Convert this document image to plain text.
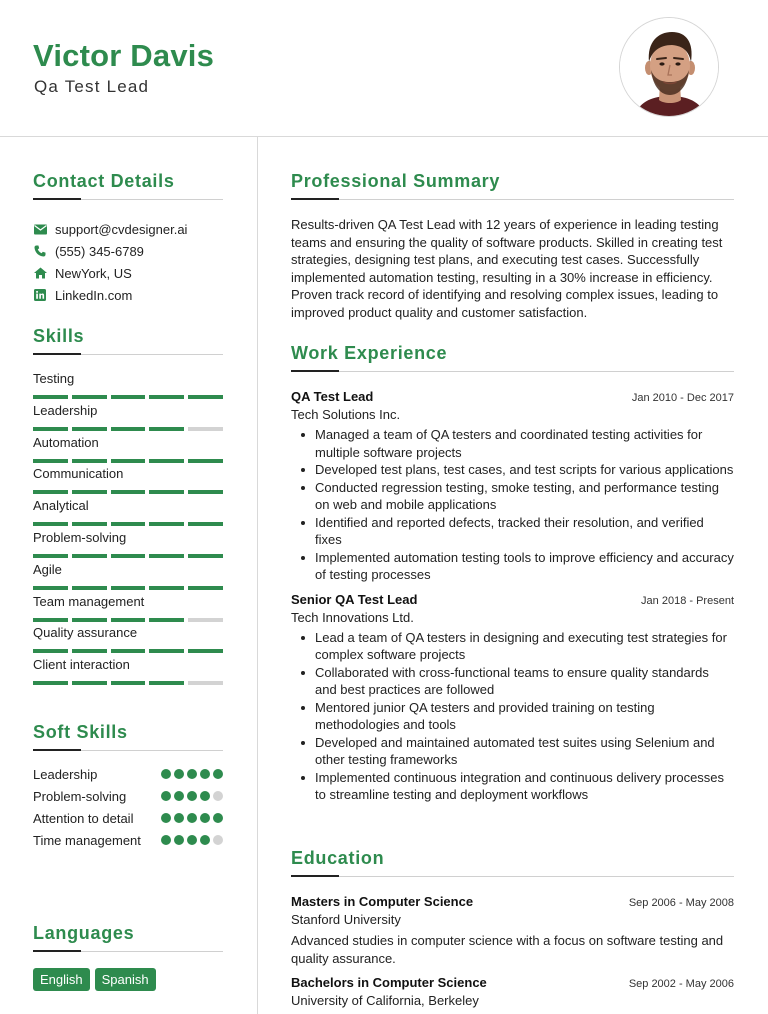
Victor Davis
Qa Test Lead
Contact Details
support@cvdesigner.ai
(555) 345-6789
NewYork, US
LinkedIn.com
Skills
Testing
Leadership
Automation
Communication
Analytical
Problem-solving
Agile
Team management
Quality assurance
Client interaction
Soft Skills
Leadership
Problem-solving
Attention to detail
Time management
Languages
English	Spanish
Professional Summary

Results-driven QA Test Lead with 12 years of experience in leading testing teams and ensuring the quality of software products. Skilled in creating test strategies, designing test plans, and executing test cases. Successfully implemented automation testing, resulting in a 30% increase in efficiency. Proven track record of identifying and resolving complex issues, leading to improved product quality and customer satisfaction.

Work Experience
QA Test Lead	Jan 2010 - Dec 2017
Tech Solutions Inc.
Managed a team of QA testers and coordinated testing activities for multiple software projects
Developed test plans, test cases, and test scripts for various applications
Conducted regression testing, smoke testing, and performance testing on web and mobile applications
Identified and reported defects, tracked their resolution, and verified fixes
Implemented automation testing tools to improve efficiency and accuracy of testing processes
Senior QA Test Lead	Jan 2018 - Present
Tech Innovations Ltd.
Lead a team of QA testers in designing and executing test strategies for complex software projects
Collaborated with cross-functional teams to ensure quality standards and best practices are followed
Mentored junior QA testers and provided training on testing methodologies and tools
Developed and maintained automated test suites using Selenium and other testing frameworks
Implemented continuous integration and continuous delivery processes to streamline testing and deployment workflows
Education
Masters in Computer Science	Sep 2006 - May 2008
Stanford University
Advanced studies in computer science with a focus on software testing and quality assurance.
Bachelors in Computer Science	Sep 2002 - May 2006
University of California, Berkeley
